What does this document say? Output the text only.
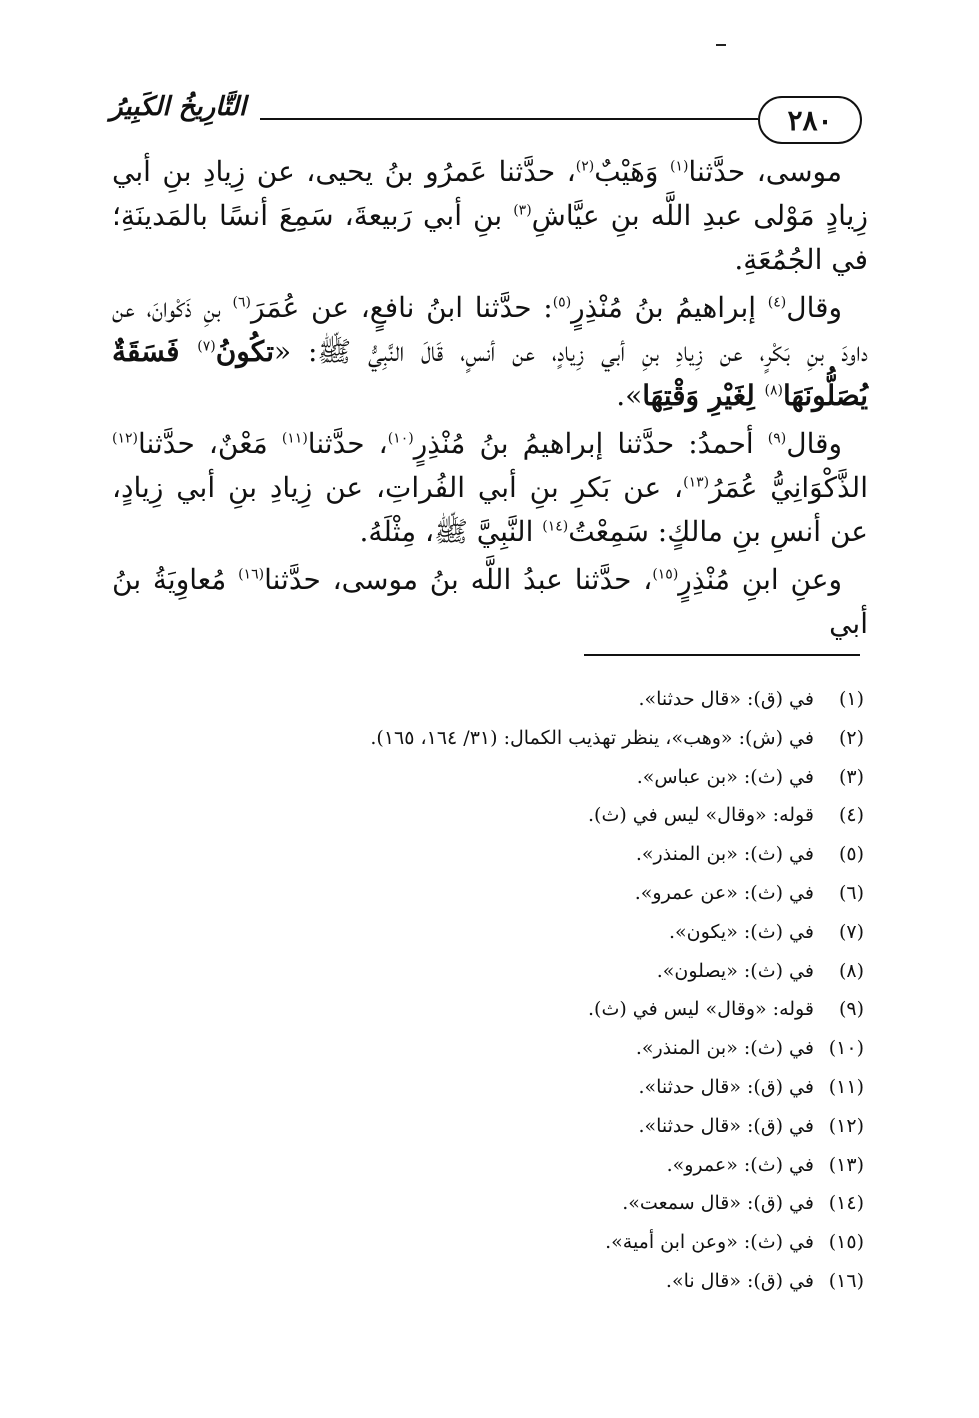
٢٨٠
التَّارِيخُ الكَبِيرُ

موسى، حدَّثنا$^{(١)}$ وَهَيْبٌ$^{(٢)}$، حدَّثنا عَمرُو بنُ يحيى، عن زِيادِ بنِ أبي زِيادٍ مَوْلى عبدِ اللَّه بنِ عيَّاشِ$^{(٣)}$ بنِ أبي رَبيعةَ، سَمِعَ أنسًا بالمَدينَةِ؛ في الجُمُعَةِ.

وقال$^{(٤)}$ إبراهيمُ بنُ مُنْذِرٍ$^{(٥)}$: حدَّثنا ابنُ نافعٍ، عن عُمَرَ$^{(٦)}$ بنِ ذَكْوانَ، عن داودَ بنِ بَكْرٍ، عن زِيادِ بنِ أبي زِيادٍ، عن أنسٍ، قَالَ النَّبِيُّ ﷺ: «تكُونُ$^{(٧)}$ فَسَقَةٌ يُصَلُّونَهَا$^{(٨)}$ لِغَيْرِ وَقْتِهَا».

وقال$^{(٩)}$ أحمدُ: حدَّثنا إبراهيمُ بنُ مُنْذِرٍ$^{(١٠)}$، حدَّثنا$^{(١١)}$ مَعْنٌ، حدَّثنا$^{(١٢)}$ الذَّكْوَانِيُّ عُمَرُ$^{(١٣)}$، عن بَكرِ بنِ أبي الفُراتِ، عن زِيادِ بنِ أبي زِيادٍ، عن أنسِ بنِ مالكٍ: سَمِعْتُ$^{(١٤)}$ النَّبِيَّ ﷺ، مِثْلَهُ.

وعنِ ابنِ مُنْذِرٍ$^{(١٥)}$، حدَّثنا عبدُ اللَّه بنُ موسى، حدَّثنا$^{(١٦)}$ مُعاوِيَةُ بنُ أبي

(١) في (ق): «قال حدثنا».
(٢) في (ش): «وهب»، ينظر تهذيب الكمال: (٣١/ ١٦٤، ١٦٥).
(٣) في (ث): «بن عباس».
(٤) قوله: «وقال» ليس في (ث).
(٥) في (ث): «بن المنذر».
(٦) في (ث): «عن عمرو».
(٧) في (ث): «يكون».
(٨) في (ث): «يصلون».
(٩) قوله: «وقال» ليس في (ث).
(١٠) في (ث): «بن المنذر».
(١١) في (ق): «قال حدثنا».
(١٢) في (ق): «قال حدثنا».
(١٣) في (ث): «عمرو».
(١٤) في (ق): «قال سمعت».
(١٥) في (ث): «وعن ابن أمية».
(١٦) في (ق): «قال نا».
